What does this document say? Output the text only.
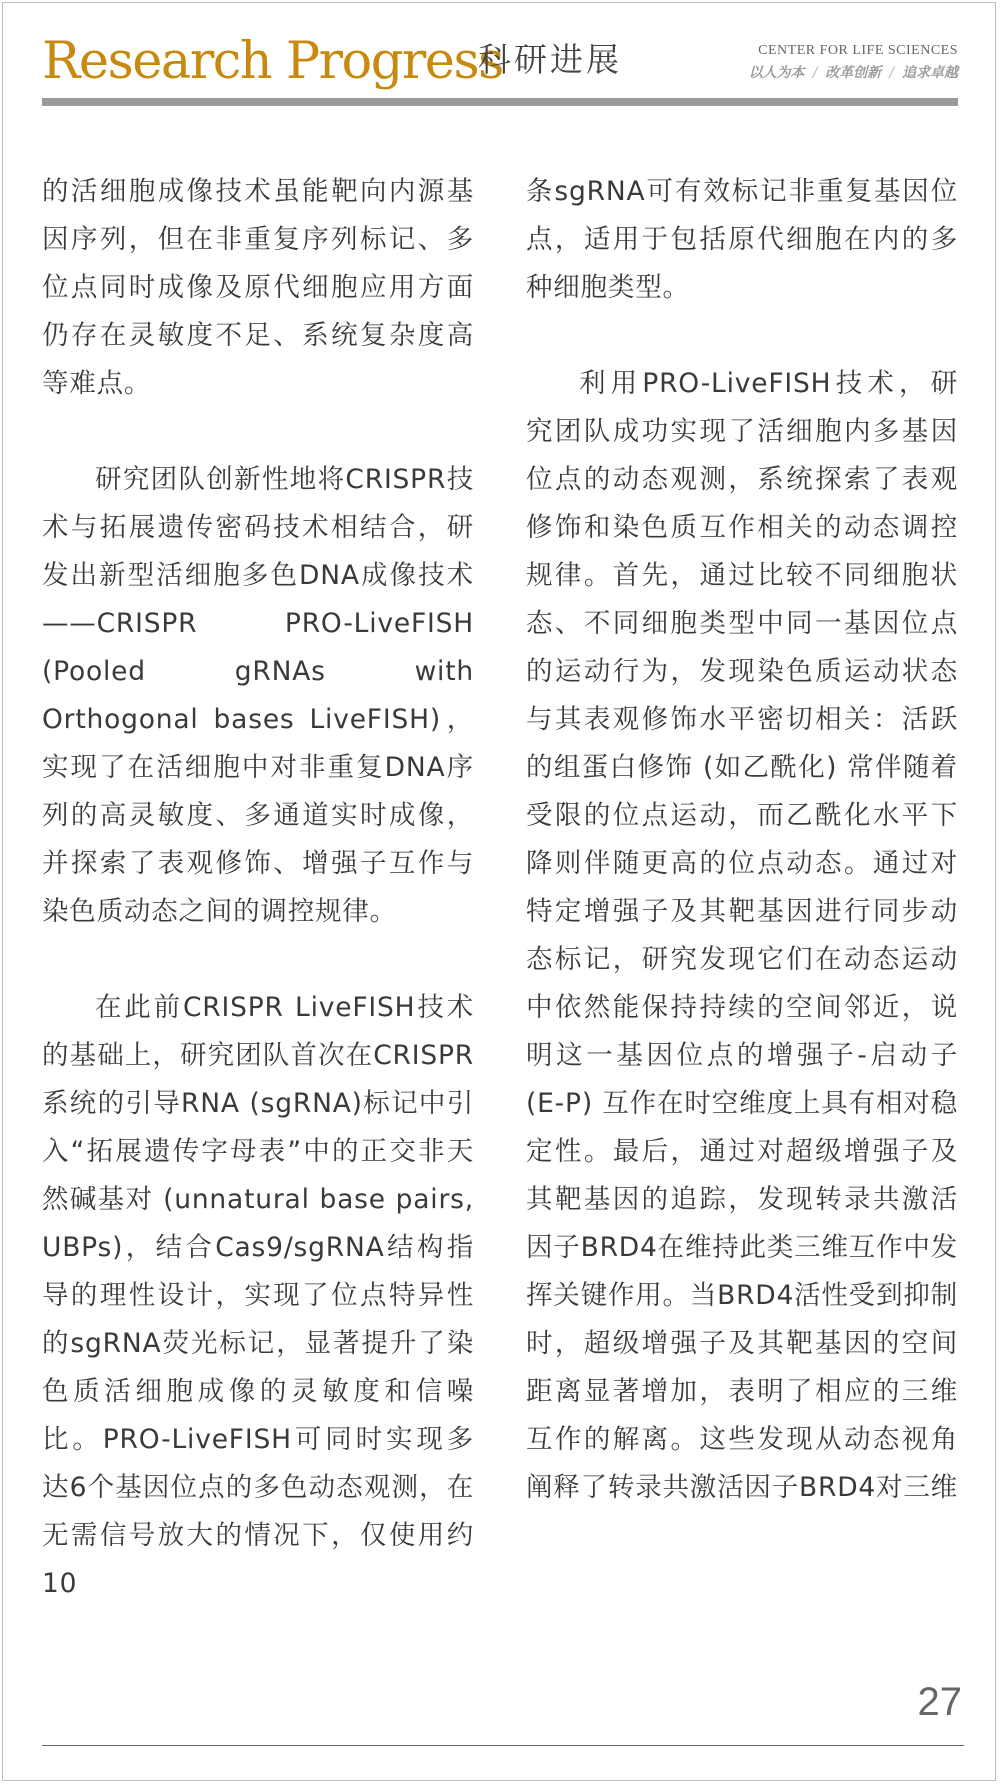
Research Progress
科研进展	CENTER FOR LIFE SCIENCES
以人为本 / 改革创新 / 追求卓越

的活细胞成像技术虽能靶向内源基因序列，但在非重复序列标记、多位点同时成像及原代细胞应用方面仍存在灵敏度不足、系统复杂度高等难点。

研究团队创新性地将CRISPR技术与拓展遗传密码技术相结合，研发出新型活细胞多色DNA成像技术——CRISPR PRO-LiveFISH (Pooled gRNAs with Orthogonal bases LiveFISH)，实现了在活细胞中对非重复DNA序列的高灵敏度、多通道实时成像，并探索了表观修饰、增强子互作与染色质动态之间的调控规律。

在此前CRISPR LiveFISH技术的基础上，研究团队首次在CRISPR系统的引导RNA (sgRNA)标记中引入“拓展遗传字母表”中的正交非天然碱基对 (unnatural base pairs, UBPs)，结合Cas9/sgRNA结构指导的理性设计，实现了位点特异性的sgRNA荧光标记，显著提升了染色质活细胞成像的灵敏度和信噪比。PRO-LiveFISH可同时实现多达6个基因位点的多色动态观测，在无需信号放大的情况下，仅使用约10

条sgRNA可有效标记非重复基因位点，适用于包括原代细胞在内的多种细胞类型。

利用PRO-LiveFISH技术，研究团队成功实现了活细胞内多基因位点的动态观测，系统探索了表观修饰和染色质互作相关的动态调控规律。首先，通过比较不同细胞状态、不同细胞类型中同一基因位点的运动行为，发现染色质运动状态与其表观修饰水平密切相关：活跃的组蛋白修饰 (如乙酰化) 常伴随着受限的位点运动，而乙酰化水平下降则伴随更高的位点动态。通过对特定增强子及其靶基因进行同步动态标记，研究发现它们在动态运动中依然能保持持续的空间邻近，说明这一基因位点的增强子-启动子 (E-P) 互作在时空维度上具有相对稳定性。最后，通过对超级增强子及其靶基因的追踪，发现转录共激活因子BRD4在维持此类三维互作中发挥关键作用。当BRD4活性受到抑制时，超级增强子及其靶基因的空间距离显著增加，表明了相应的三维互作的解离。这些发现从动态视角阐释了转录共激活因子BRD4对三维

27
